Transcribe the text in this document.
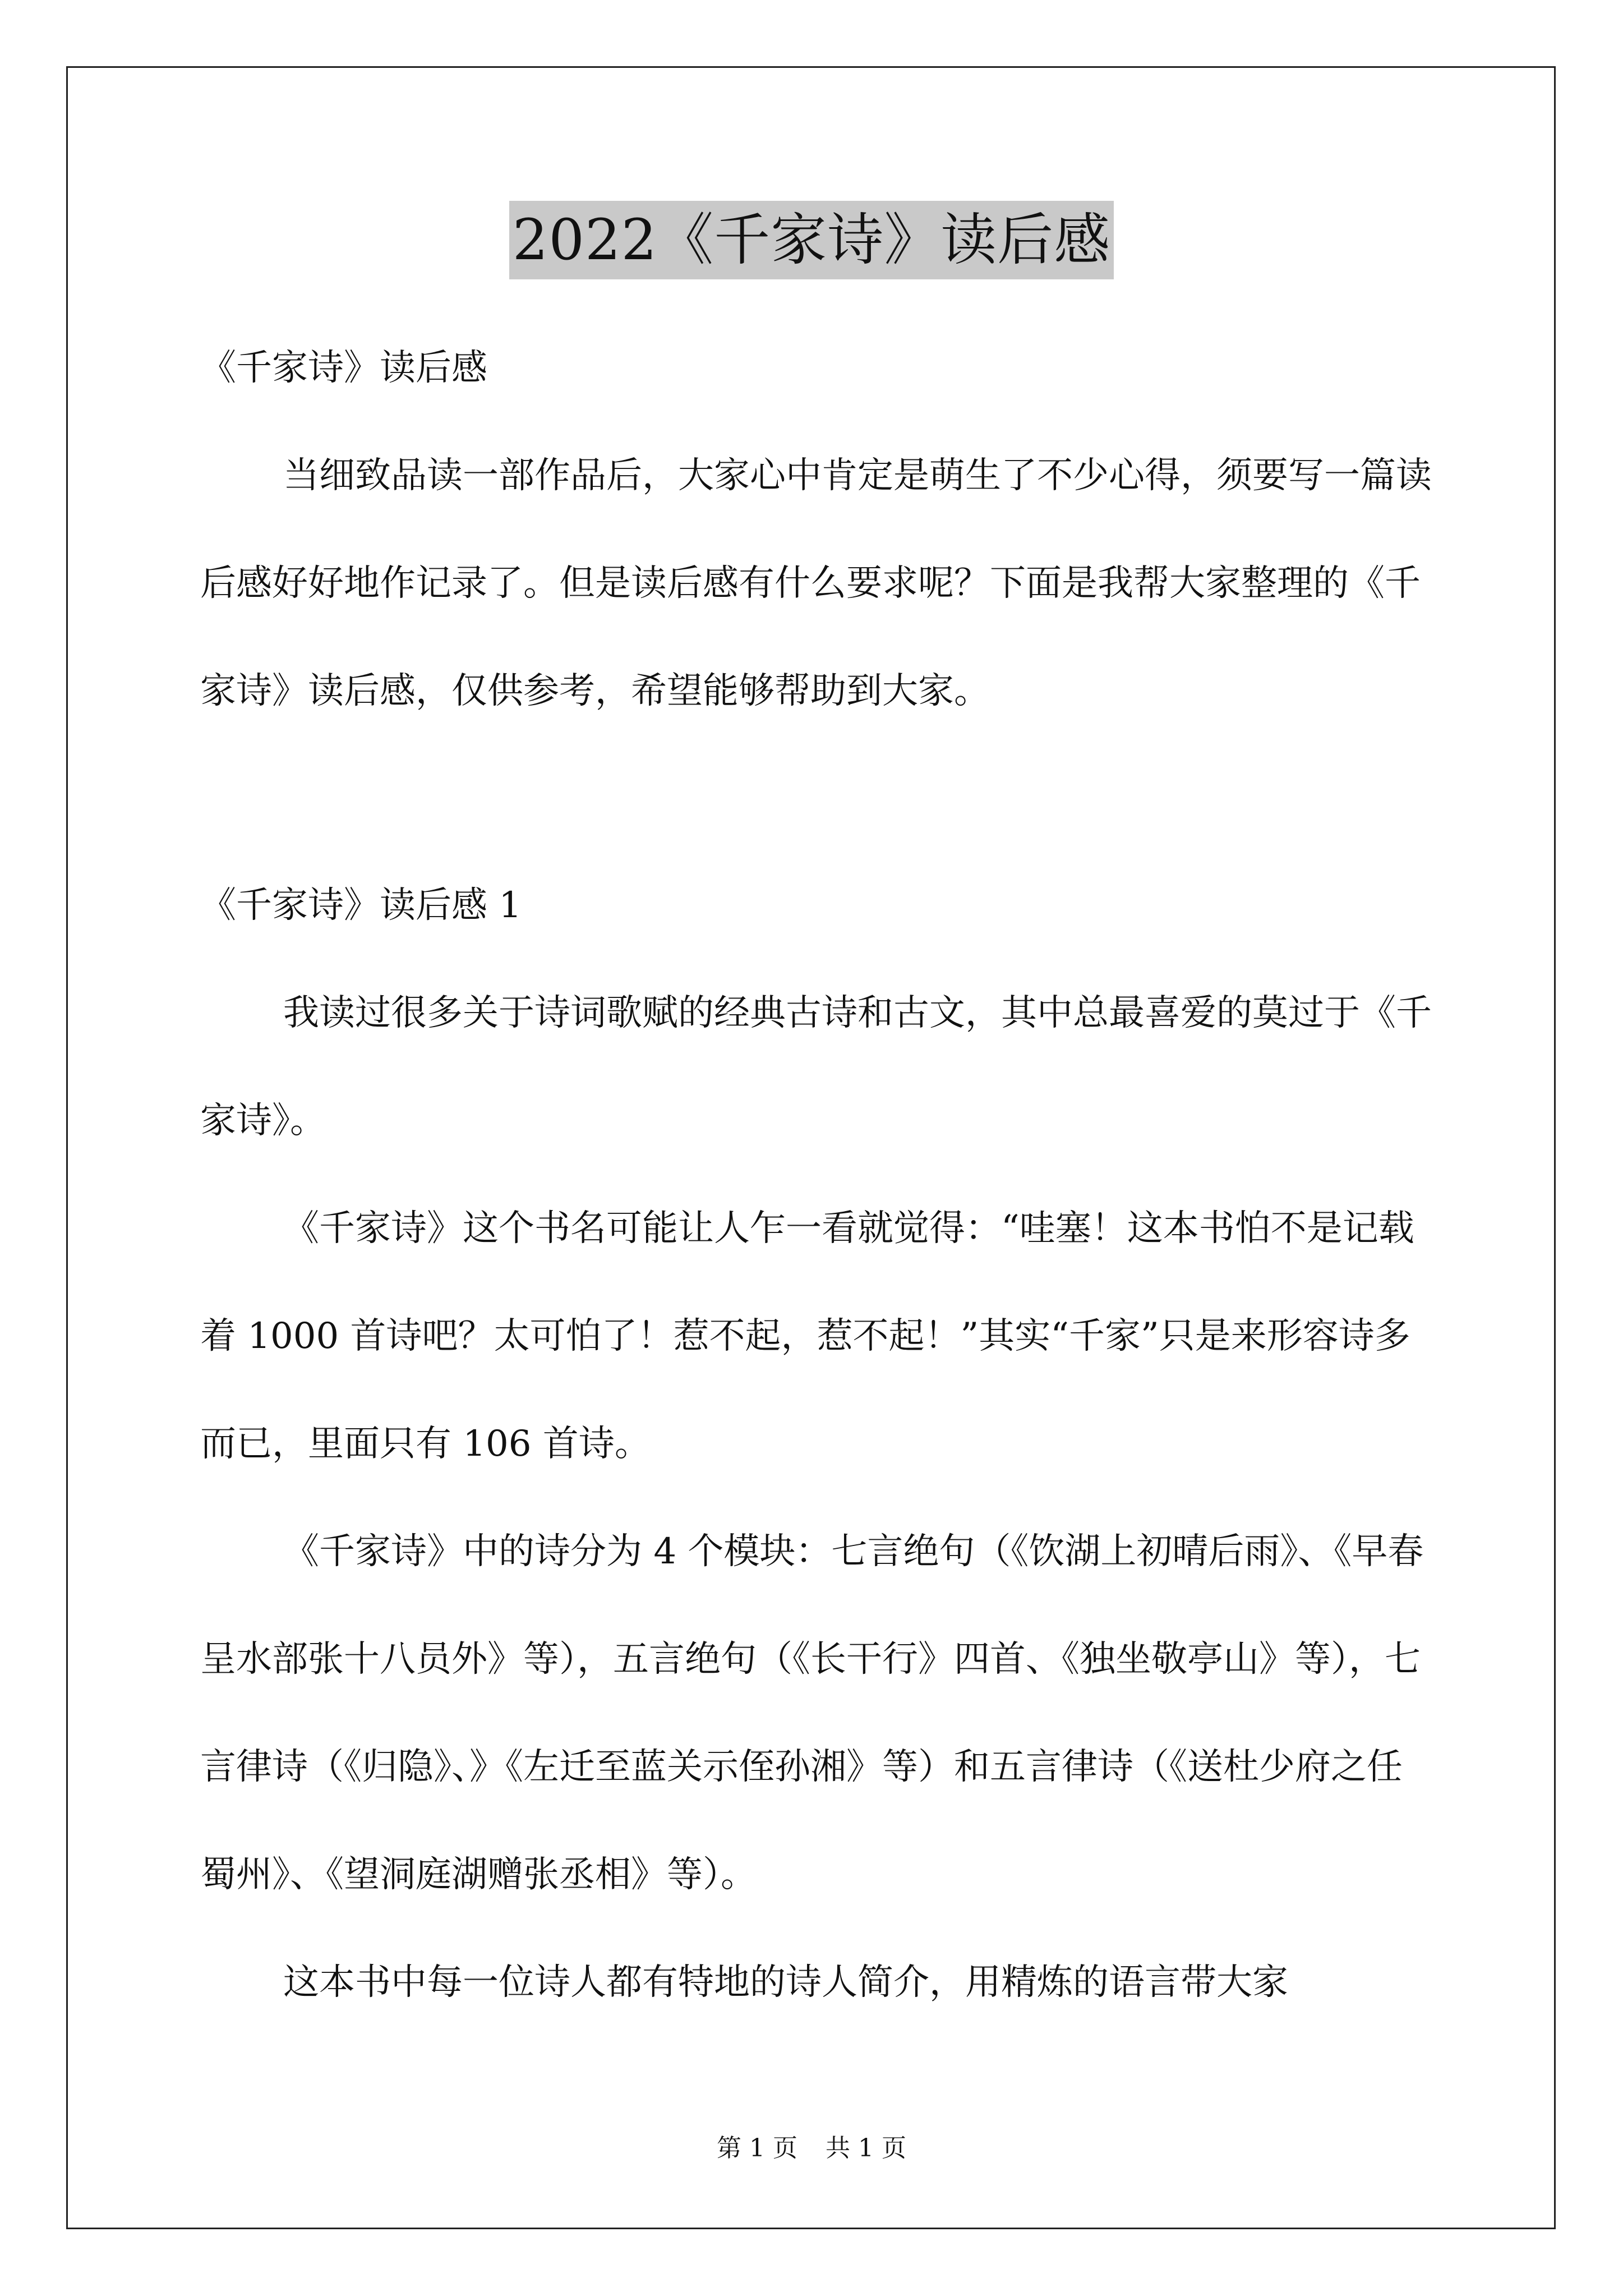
2022《千家诗》读后感

《千家诗》读后感

当细致品读一部作品后，大家心中肯定是萌生了不少心得，须要写一篇读后感好好地作记录了。但是读后感有什么要求呢？下面是我帮大家整理的《千家诗》读后感，仅供参考，希望能够帮助到大家。

《千家诗》读后感 1

我读过很多关于诗词歌赋的经典古诗和古文，其中总最喜爱的莫过于《千家诗》。

《千家诗》这个书名可能让人乍一看就觉得：“哇塞！这本书怕不是记载着 1000 首诗吧？太可怕了！惹不起，惹不起！”其实“千家”只是来形容诗多而已，里面只有 106 首诗。

《千家诗》中的诗分为 4 个模块：七言绝句（《饮湖上初晴后雨》、《早春呈水部张十八员外》等），五言绝句（《长干行》四首、《独坐敬亭山》等），七言律诗（《归隐》、》《左迁至蓝关示侄孙湘》等）和五言律诗（《送杜少府之任蜀州》、《望洞庭湖赠张丞相》等）。

这本书中每一位诗人都有特地的诗人简介，用精炼的语言带大家

第 1 页 共 1 页
